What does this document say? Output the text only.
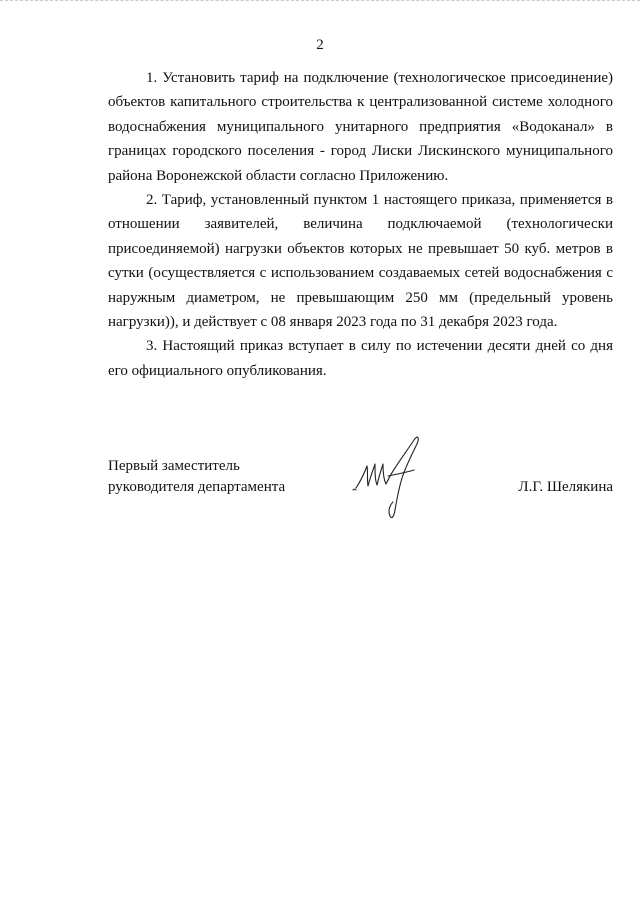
2

1. Установить тариф на подключение (технологическое присоединение) объектов капитального строительства к централизованной системе холодного водоснабжения муниципального унитарного предприятия «Водоканал» в границах городского поселения - город Лиски Лискинского муниципального района Воронежской области согласно Приложению.

2. Тариф, установленный пунктом 1 настоящего приказа, применяется в отношении заявителей, величина подключаемой (технологически присоединяемой) нагрузки объектов которых не превышает 50 куб. метров в сутки (осуществляется с использованием создаваемых сетей водоснабжения с наружным диаметром, не превышающим 250 мм (предельный уровень нагрузки)), и действует с 08 января 2023 года по 31 декабря 2023 года.

3. Настоящий приказ вступает в силу по истечении десяти дней со дня его официального опубликования.

Первый заместитель
руководителя департамента	Л.Г. Шелякина
